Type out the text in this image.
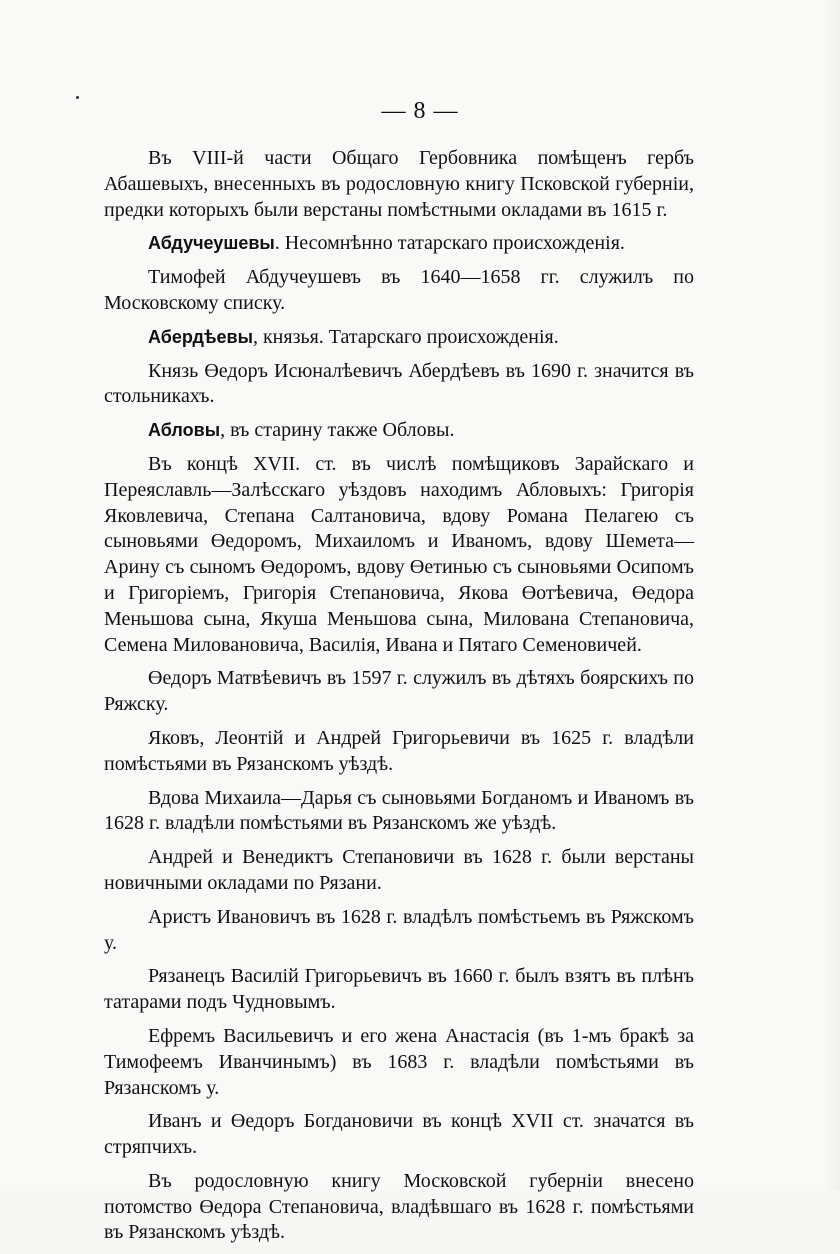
— 8 —

Въ VIII-й части Общаго Гербовника помѣщенъ гербъ Абашевыхъ, внесенныхъ въ родословную книгу Псковской губерніи, предки которыхъ были верстаны помѣстными окладами въ 1615 г.

Абдучеушевы. Несомнѣнно татарскаго происхожденія.

Тимофей Абдучеушевъ въ 1640—1658 гг. служилъ по Московскому списку.

Абердѣевы, князья. Татарскаго происхожденія.

Князь Өедоръ Исюналѣевичъ Абердѣевъ въ 1690 г. значится въ стольникахъ.

Абловы, въ старину также Обловы.

Въ концѣ XVII. ст. въ числѣ помѣщиковъ Зарайскаго и Переяславль—Залѣсскаго уѣздовъ находимъ Абловыхъ: Григорія Яковлевича, Степана Салтановича, вдову Романа Пелагею съ сыновьями Өедоромъ, Михаиломъ и Иваномъ, вдову Шемета—Арину съ сыномъ Өедоромъ, вдову Өетинью съ сыновьями Осипомъ и Григоріемъ, Григорія Степановича, Якова Өотѣевича, Өедора Меньшова сына, Якуша Меньшова сына, Милована Степановича, Семена Миловановича, Василія, Ивана и Пятаго Семеновичей.

Өедоръ Матвѣевичъ въ 1597 г. служилъ въ дѣтяхъ боярскихъ по Ряжску.

Яковъ, Леонтій и Андрей Григорьевичи въ 1625 г. владѣли помѣстьями въ Рязанскомъ уѣздѣ.

Вдова Михаила—Дарья съ сыновьями Богданомъ и Иваномъ въ 1628 г. владѣли помѣстьями въ Рязанскомъ же уѣздѣ.

Андрей и Венедиктъ Степановичи въ 1628 г. были верстаны новичными окладами по Рязани.

Аристъ Ивановичъ въ 1628 г. владѣлъ помѣстьемъ въ Ряжскомъ у.

Рязанецъ Василій Григорьевичъ въ 1660 г. былъ взятъ въ плѣнъ татарами подъ Чудновымъ.

Ефремъ Васильевичъ и его жена Анастасія (въ 1-мъ бракѣ за Тимофеемъ Иванчинымъ) въ 1683 г. владѣли помѣстьями въ Рязанскомъ у.

Иванъ и Өедоръ Богдановичи въ концѣ XVII ст. значатся въ стряпчихъ.

Въ родословную книгу Московской губерніи внесено потомство Өедора Степановича, владѣвшаго въ 1628 г. помѣстьями въ Рязанскомъ уѣздѣ.
